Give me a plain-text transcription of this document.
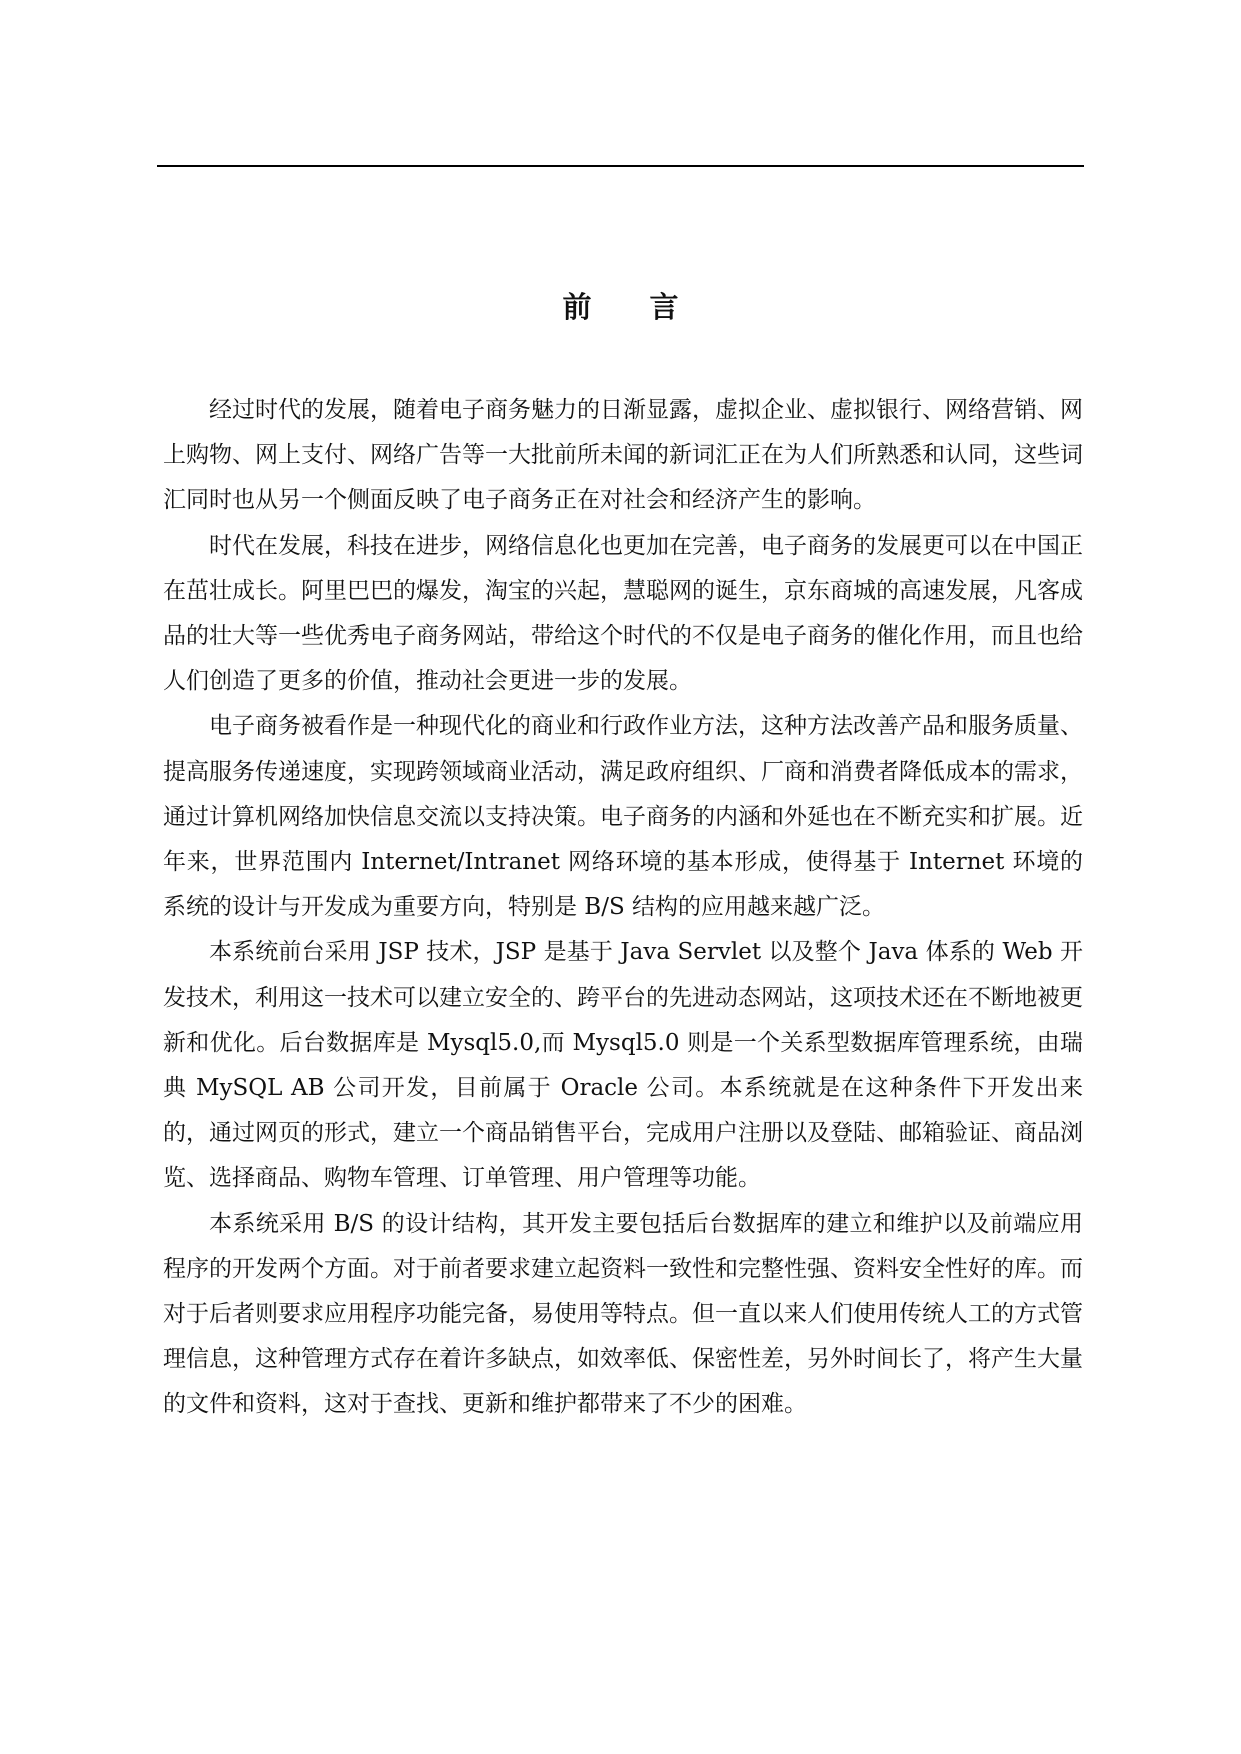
前言

经过时代的发展，随着电子商务魅力的日渐显露，虚拟企业、虚拟银行、网络营销、网上购物、网上支付、网络广告等一大批前所未闻的新词汇正在为人们所熟悉和认同，这些词汇同时也从另一个侧面反映了电子商务正在对社会和经济产生的影响。

时代在发展，科技在进步，网络信息化也更加在完善，电子商务的发展更可以在中国正在茁壮成长。阿里巴巴的爆发，淘宝的兴起，慧聪网的诞生，京东商城的高速发展，凡客成品的壮大等一些优秀电子商务网站，带给这个时代的不仅是电子商务的催化作用，而且也给人们创造了更多的价值，推动社会更进一步的发展。

电子商务被看作是一种现代化的商业和行政作业方法，这种方法改善产品和服务质量、提高服务传递速度，实现跨领域商业活动，满足政府组织、厂商和消费者降低成本的需求，通过计算机网络加快信息交流以支持决策。电子商务的内涵和外延也在不断充实和扩展。近年来，世界范围内 Internet/Intranet 网络环境的基本形成，使得基于 Internet 环境的系统的设计与开发成为重要方向，特别是 B/S 结构的应用越来越广泛。

本系统前台采用 JSP 技术，JSP 是基于 Java Servlet 以及整个 Java 体系的 Web 开发技术，利用这一技术可以建立安全的、跨平台的先进动态网站，这项技术还在不断地被更新和优化。后台数据库是 Mysql5.0,而 Mysql5.0 则是一个关系型数据库管理系统，由瑞典 MySQL AB 公司开发，目前属于 Oracle 公司。本系统就是在这种条件下开发出来的，通过网页的形式，建立一个商品销售平台，完成用户注册以及登陆、邮箱验证、商品浏览、选择商品、购物车管理、订单管理、用户管理等功能。

本系统采用 B/S 的设计结构，其开发主要包括后台数据库的建立和维护以及前端应用程序的开发两个方面。对于前者要求建立起资料一致性和完整性强、资料安全性好的库。而对于后者则要求应用程序功能完备，易使用等特点。但一直以来人们使用传统人工的方式管理信息，这种管理方式存在着许多缺点，如效率低、保密性差，另外时间长了，将产生大量的文件和资料，这对于查找、更新和维护都带来了不少的困难。
